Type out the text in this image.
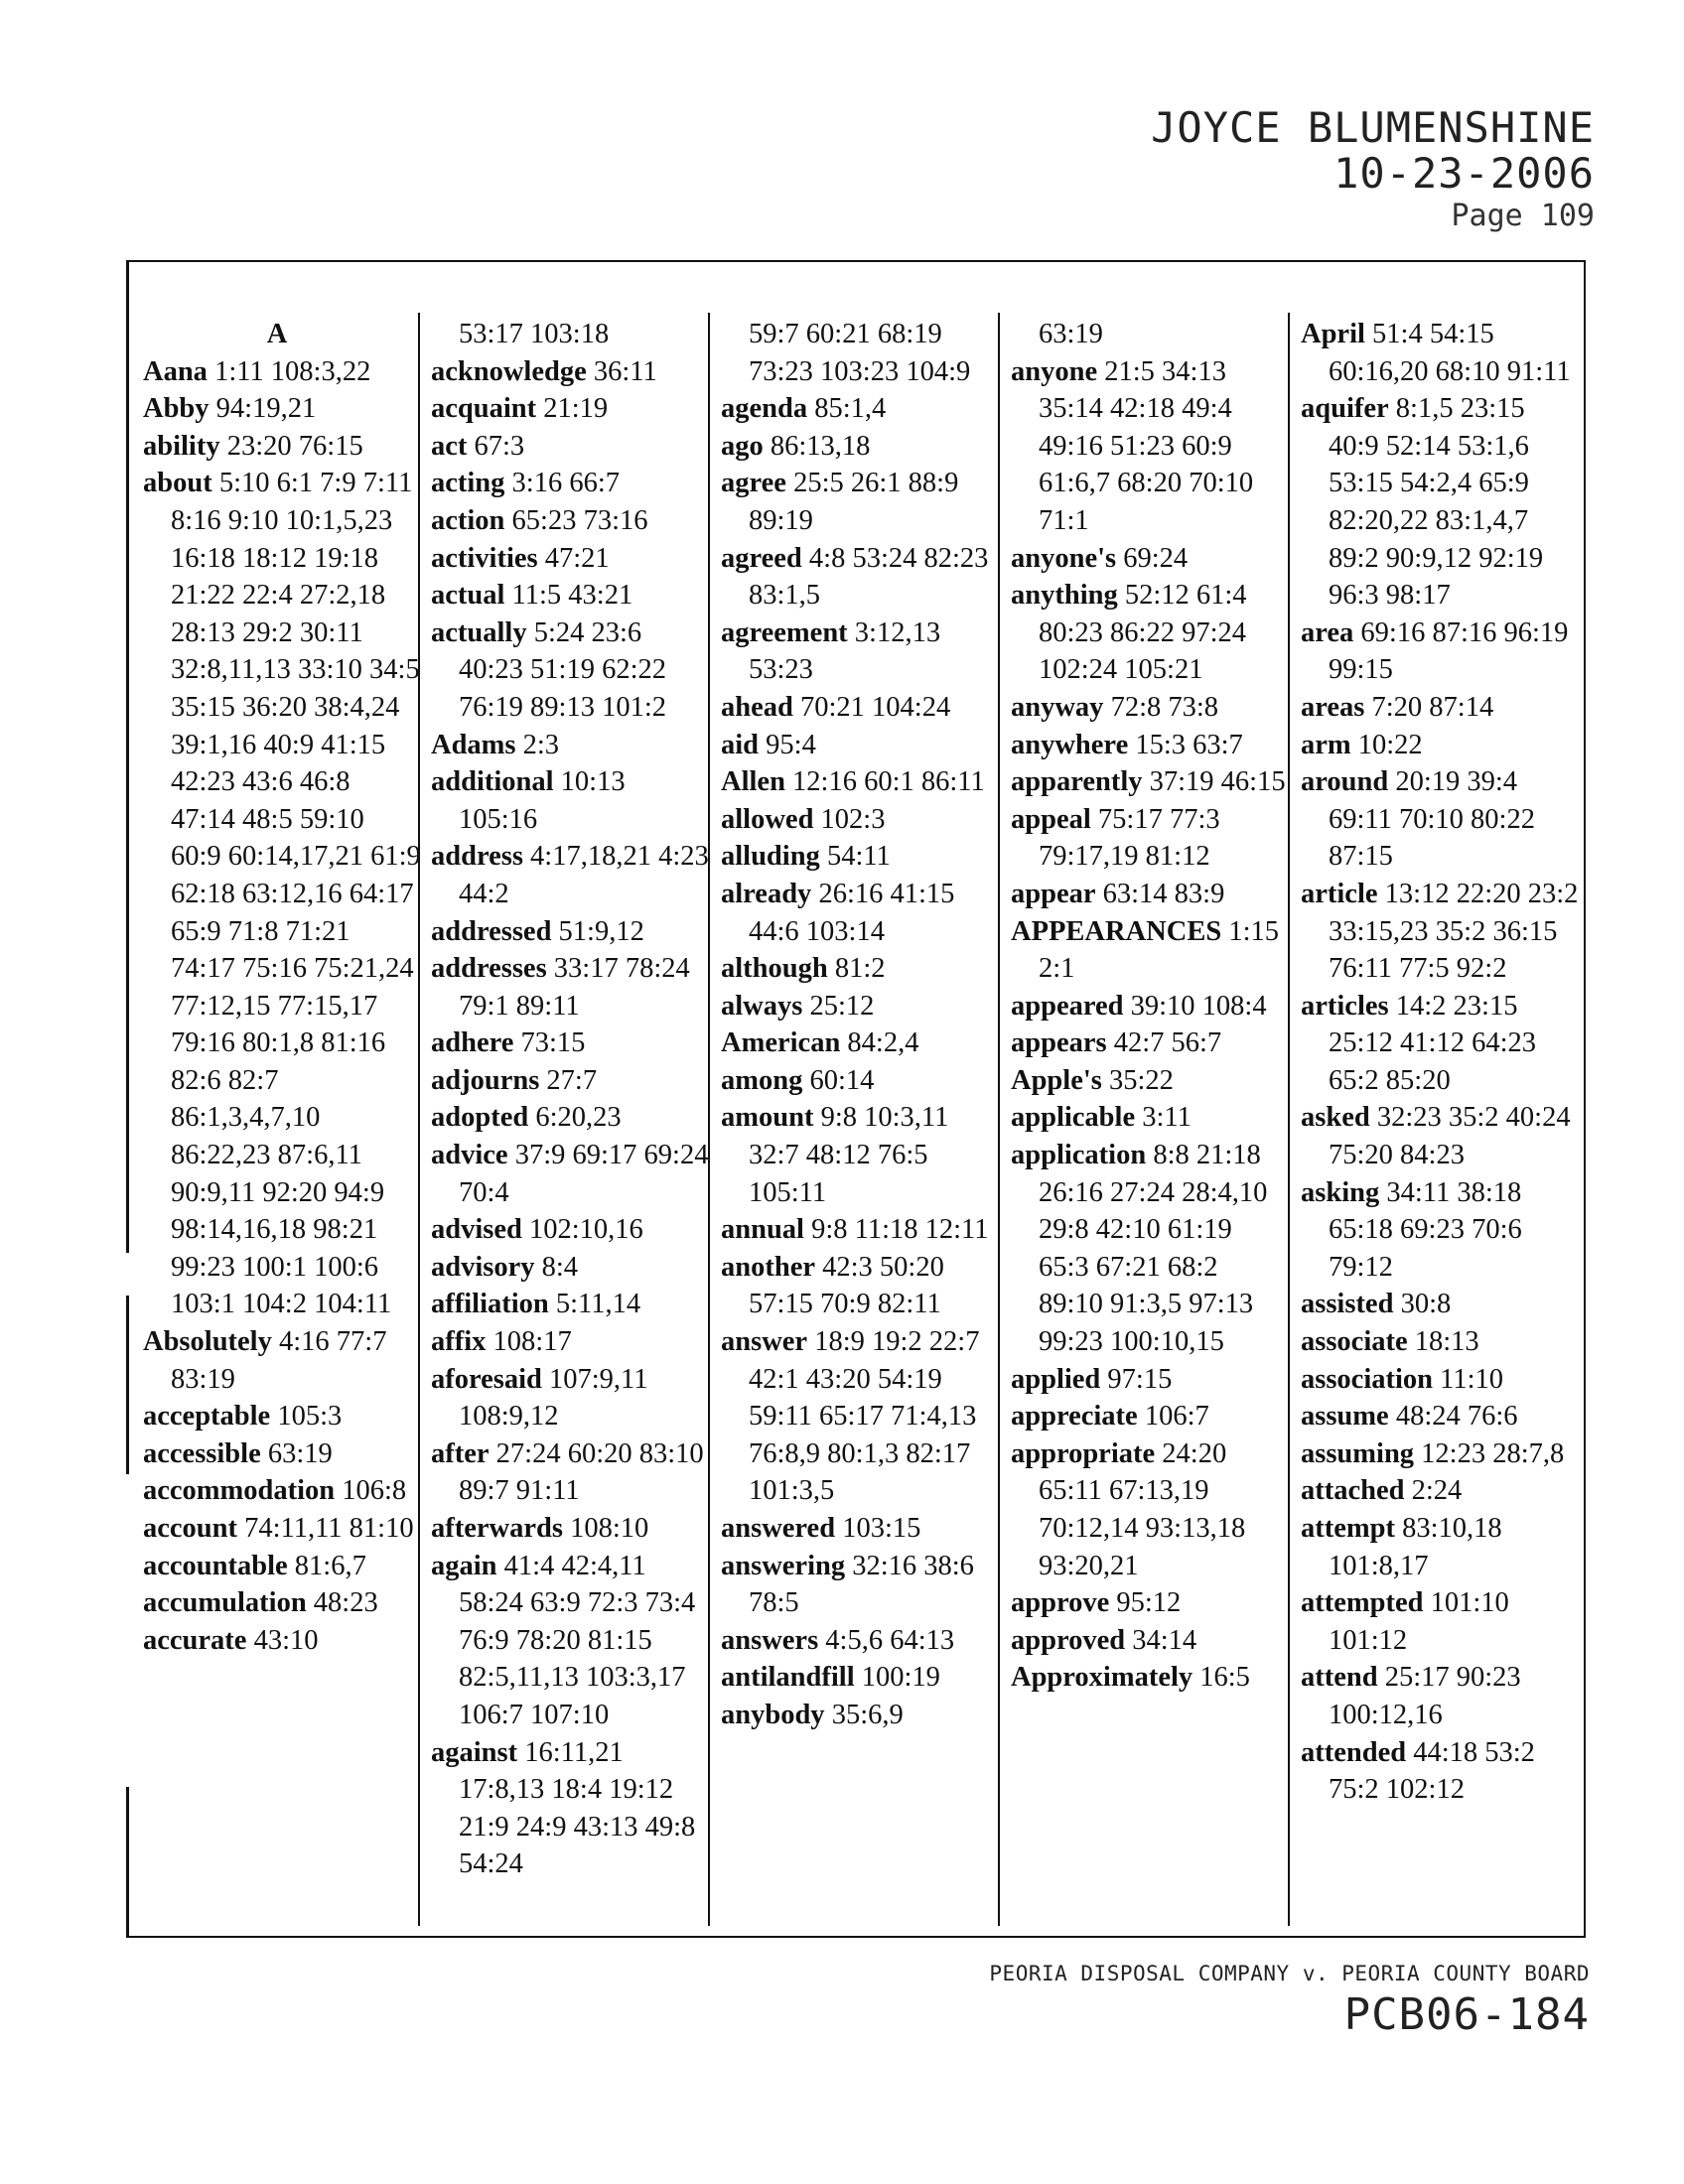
JOYCE BLUMENSHINE
10-23-2006
Page 109

A

Aana 1:11 108:3,22

Abby 94:19,21

ability 23:20 76:15

about 5:10 6:1 7:9 7:11 8:16 9:10 10:1,5,23 16:18 18:12 19:18 21:22 22:4 27:2,18 28:13 29:2 30:11 32:8,11,13 33:10 34:5 35:15 36:20 38:4,24 39:1,16 40:9 41:15 42:23 43:6 46:8 47:14 48:5 59:10 60:9 60:14,17,21 61:9 62:18 63:12,16 64:17 65:9 71:8 71:21 74:17 75:16 75:21,24 77:12,15 77:15,17 79:16 80:1,8 81:16 82:6 82:7 86:1,3,4,7,10 86:22,23 87:6,11 90:9,11 92:20 94:9 98:14,16,18 98:21 99:23 100:1 100:6 103:1 104:2 104:11

Absolutely 4:16 77:7 83:19

acceptable 105:3

accessible 63:19

accommodation 106:8

account 74:11,11 81:10

accountable 81:6,7

accumulation 48:23

accurate 43:10

53:17 103:18

acknowledge 36:11

acquaint 21:19

act 67:3

acting 3:16 66:7

action 65:23 73:16

activities 47:21

actual 11:5 43:21

actually 5:24 23:6 40:23 51:19 62:22 76:19 89:13 101:2

Adams 2:3

additional 10:13 105:16

address 4:17,18,21 4:23 44:2

addressed 51:9,12

addresses 33:17 78:24 79:1 89:11

adhere 73:15

adjourns 27:7

adopted 6:20,23

advice 37:9 69:17 69:24 70:4

advised 102:10,16

advisory 8:4

affiliation 5:11,14

affix 108:17

aforesaid 107:9,11 108:9,12

after 27:24 60:20 83:10 89:7 91:11

afterwards 108:10

again 41:4 42:4,11 58:24 63:9 72:3 73:4 76:9 78:20 81:15 82:5,11,13 103:3,17 106:7 107:10

against 16:11,21 17:8,13 18:4 19:12 21:9 24:9 43:13 49:8 54:24

59:7 60:21 68:19 73:23 103:23 104:9

agenda 85:1,4

ago 86:13,18

agree 25:5 26:1 88:9 89:19

agreed 4:8 53:24 82:23 83:1,5

agreement 3:12,13 53:23

ahead 70:21 104:24

aid 95:4

Allen 12:16 60:1 86:11

allowed 102:3

alluding 54:11

already 26:16 41:15 44:6 103:14

although 81:2

always 25:12

American 84:2,4

among 60:14

amount 9:8 10:3,11 32:7 48:12 76:5 105:11

annual 9:8 11:18 12:11

another 42:3 50:20 57:15 70:9 82:11

answer 18:9 19:2 22:7 42:1 43:20 54:19 59:11 65:17 71:4,13 76:8,9 80:1,3 82:17 101:3,5

answered 103:15

answering 32:16 38:6 78:5

answers 4:5,6 64:13

antilandfill 100:19

anybody 35:6,9

63:19

anyone 21:5 34:13 35:14 42:18 49:4 49:16 51:23 60:9 61:6,7 68:20 70:10 71:1

anyone's 69:24

anything 52:12 61:4 80:23 86:22 97:24 102:24 105:21

anyway 72:8 73:8

anywhere 15:3 63:7

apparently 37:19 46:15

appeal 75:17 77:3 79:17,19 81:12

appear 63:14 83:9

APPEARANCES 1:15 2:1

appeared 39:10 108:4

appears 42:7 56:7

Apple's 35:22

applicable 3:11

application 8:8 21:18 26:16 27:24 28:4,10 29:8 42:10 61:19 65:3 67:21 68:2 89:10 91:3,5 97:13 99:23 100:10,15

applied 97:15

appreciate 106:7

appropriate 24:20 65:11 67:13,19 70:12,14 93:13,18 93:20,21

approve 95:12

approved 34:14

Approximately 16:5

April 51:4 54:15 60:16,20 68:10 91:11

aquifer 8:1,5 23:15 40:9 52:14 53:1,6 53:15 54:2,4 65:9 82:20,22 83:1,4,7 89:2 90:9,12 92:19 96:3 98:17

area 69:16 87:16 96:19 99:15

areas 7:20 87:14

arm 10:22

around 20:19 39:4 69:11 70:10 80:22 87:15

article 13:12 22:20 23:2 33:15,23 35:2 36:15 76:11 77:5 92:2

articles 14:2 23:15 25:12 41:12 64:23 65:2 85:20

asked 32:23 35:2 40:24 75:20 84:23

asking 34:11 38:18 65:18 69:23 70:6 79:12

assisted 30:8

associate 18:13

association 11:10

assume 48:24 76:6

assuming 12:23 28:7,8

attached 2:24

attempt 83:10,18 101:8,17

attempted 101:10 101:12

attend 25:17 90:23 100:12,16

attended 44:18 53:2 75:2 102:12

PEORIA DISPOSAL COMPANY v. PEORIA COUNTY BOARD
PCB06-184
